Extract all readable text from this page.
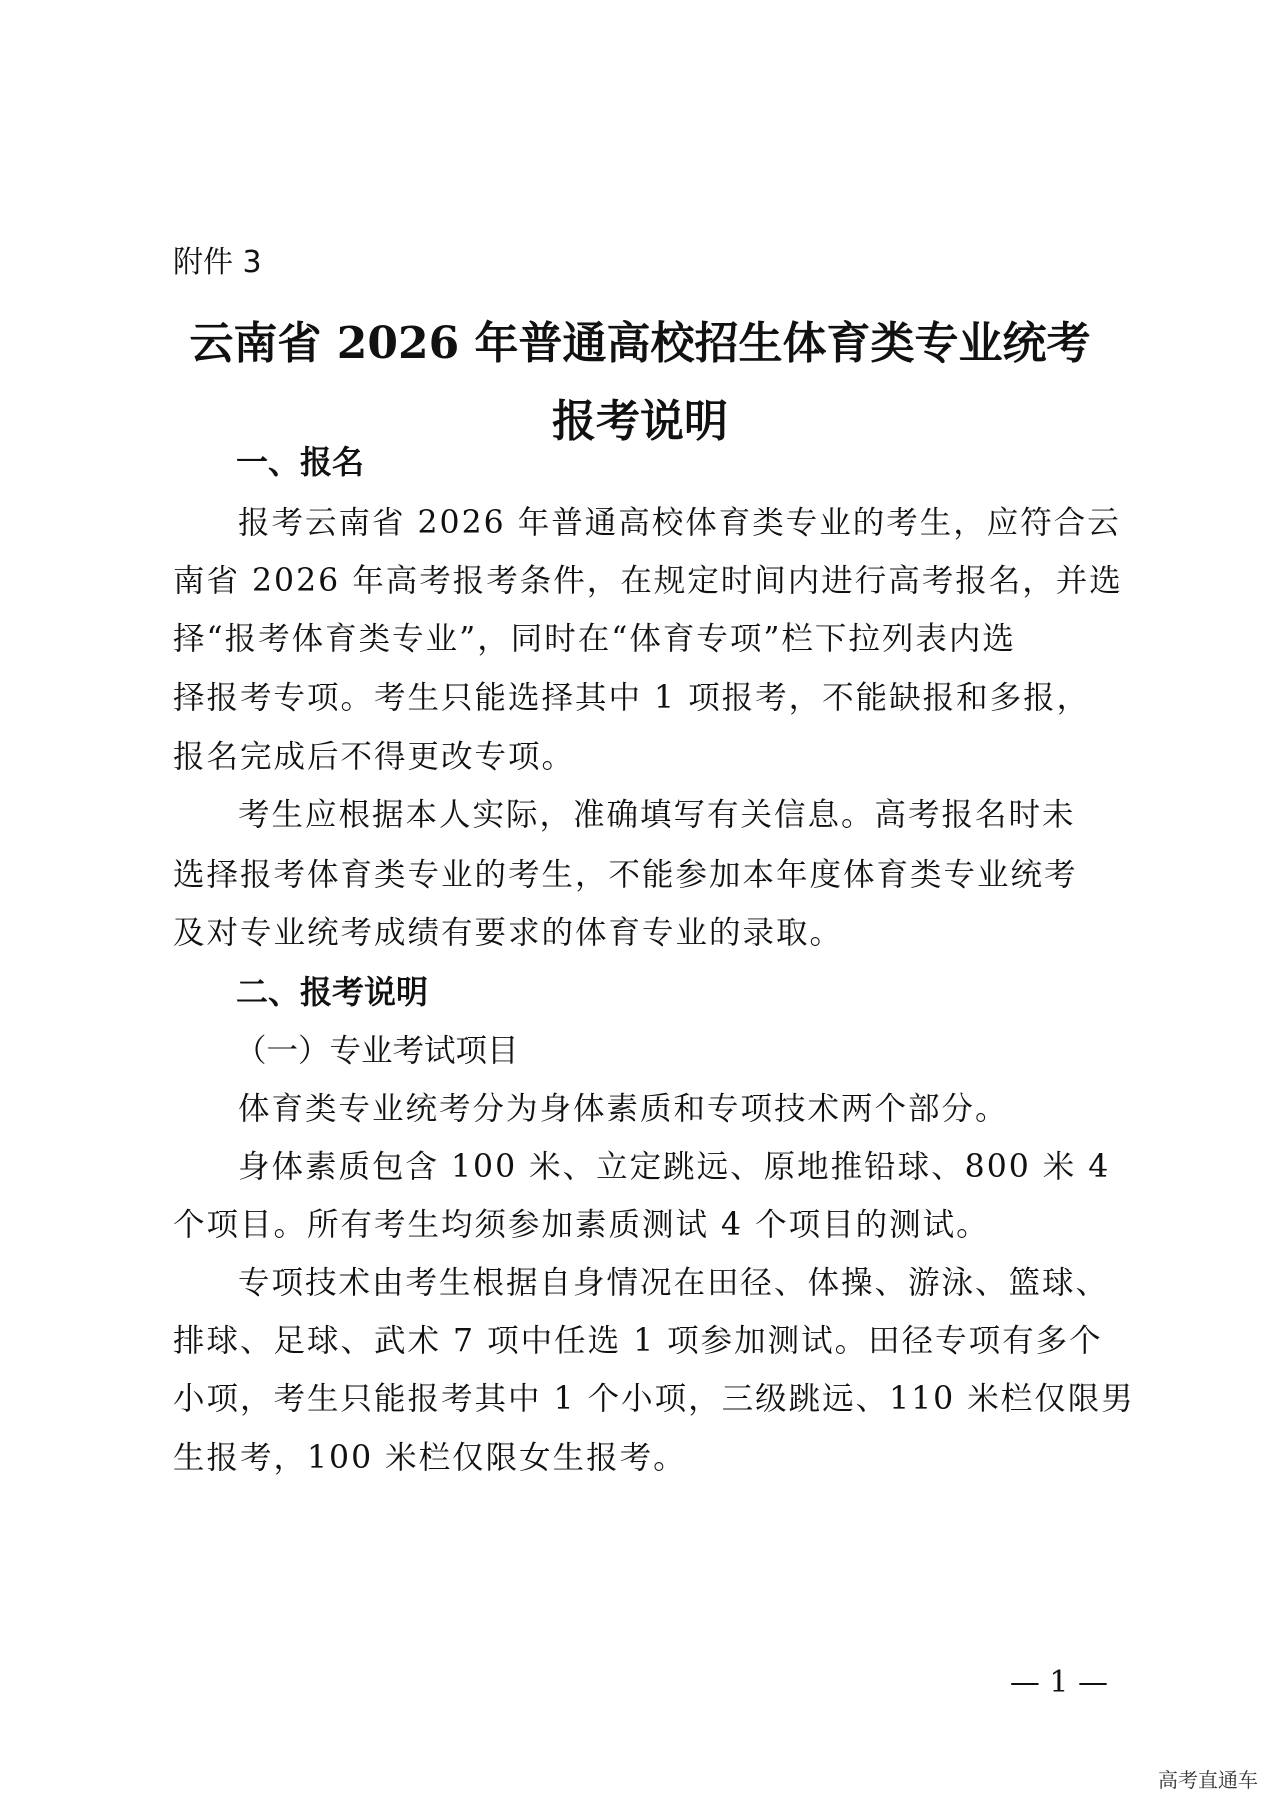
附件 3
云南省 2026 年普通高校招生体育类专业统考
报考说明
一、报名
报考云南省 2026 年普通高校体育类专业的考生，应符合云
南省 2026 年高考报考条件，在规定时间内进行高考报名，并选
择“报考体育类专业”，同时在“体育专项”栏下拉列表内选
择报考专项。考生只能选择其中 1 项报考，不能缺报和多报，
报名完成后不得更改专项。
考生应根据本人实际，准确填写有关信息。高考报名时未
选择报考体育类专业的考生，不能参加本年度体育类专业统考
及对专业统考成绩有要求的体育专业的录取。
二、报考说明
（一）专业考试项目
体育类专业统考分为身体素质和专项技术两个部分。
身体素质包含 100 米、立定跳远、原地推铅球、800 米 4
个项目。所有考生均须参加素质测试 4 个项目的测试。
专项技术由考生根据自身情况在田径、体操、游泳、篮球、
排球、足球、武术 7 项中任选 1 项参加测试。田径专项有多个
小项，考生只能报考其中 1 个小项，三级跳远、110 米栏仅限男
生报考，100 米栏仅限女生报考。
— 1 —
高考直通车
